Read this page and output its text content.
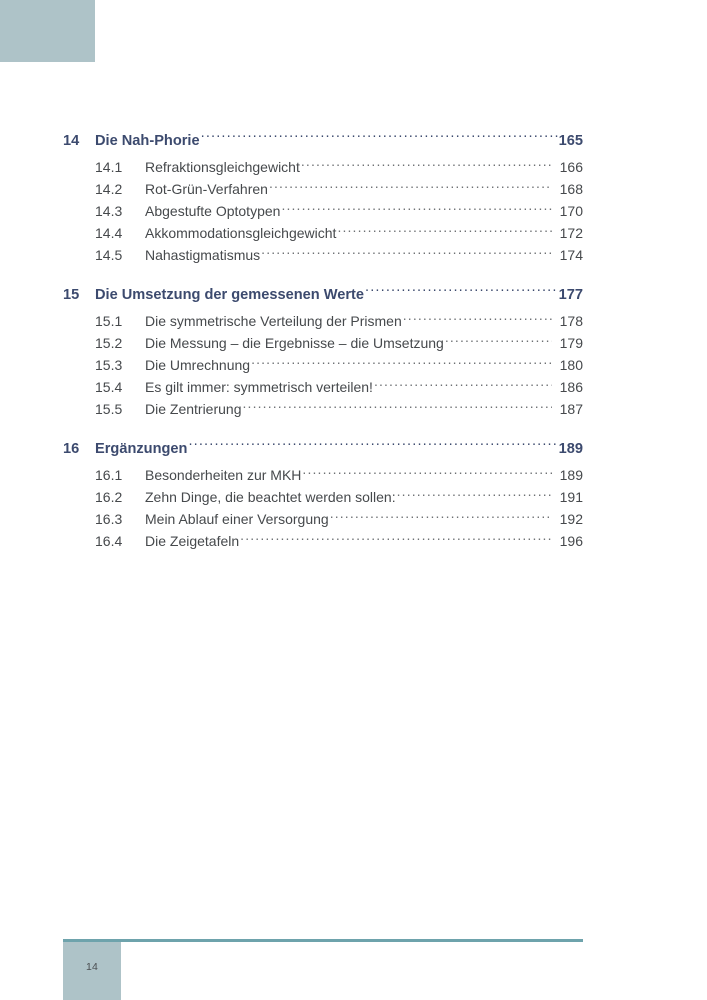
14	Die Nah-Phorie .....	165
14.1	Refraktionsgleichgewicht .....	166
14.2	Rot-Grün-Verfahren .....	168
14.3	Abgestufte Optotypen .....	170
14.4	Akkommodationsgleichgewicht .....	172
14.5	Nahastigmatismus .....	174
15	Die Umsetzung der gemessenen Werte .....	177
15.1	Die symmetrische Verteilung der Prismen .....	178
15.2	Die Messung – die Ergebnisse – die Umsetzung .....	179
15.3	Die Umrechnung .....	180
15.4	Es gilt immer: symmetrisch verteilen! .....	186
15.5	Die Zentrierung .....	187
16	Ergänzungen .....	189
16.1	Besonderheiten zur MKH .....	189
16.2	Zehn Dinge, die beachtet werden sollen: .....	191
16.3	Mein Ablauf einer Versorgung .....	192
16.4	Die Zeigetafeln .....	196
14
